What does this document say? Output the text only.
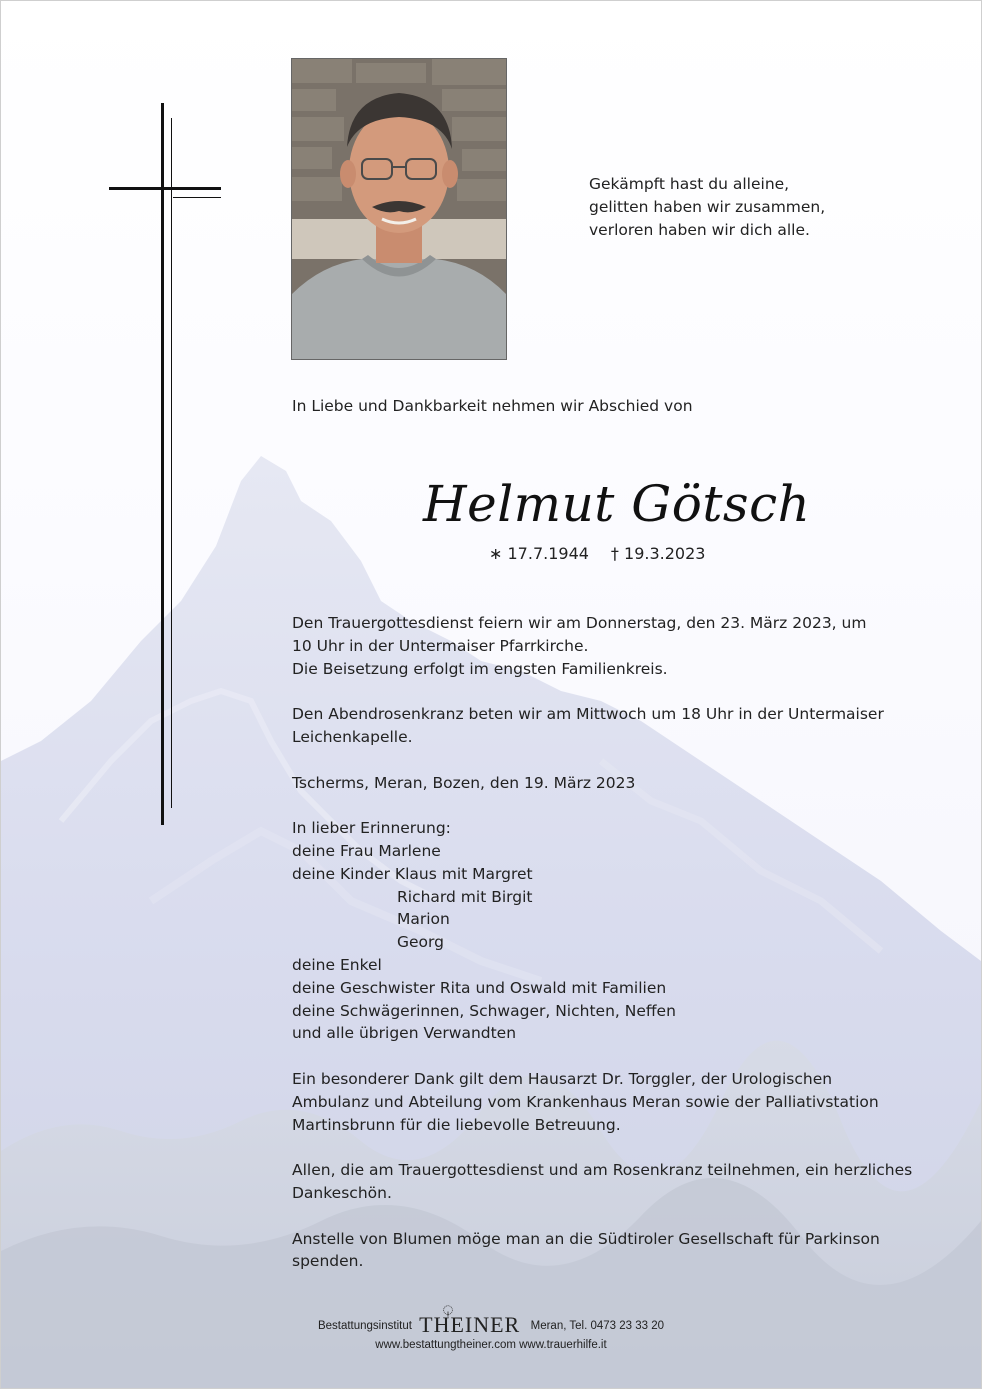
Gekämpft hast du alleine,
gelitten haben wir zusammen,
verloren haben wir dich alle.
In Liebe und Dankbarkeit nehmen wir Abschied von
Helmut Götsch
∗ 17.7.1944 † 19.3.2023

Den Trauergottesdienst feiern wir am Donnerstag, den 23. März 2023, um
10 Uhr in der Untermaiser Pfarrkirche.
Die Beisetzung erfolgt im engsten Familienkreis.

Den Abendrosenkranz beten wir am Mittwoch um 18 Uhr in der Untermaiser
Leichenkapelle.

Tscherms, Meran, Bozen, den 19. März 2023

In lieber Erinnerung:
deine Frau Marlene
deine Kinder Klaus mit Margret
Richard mit Birgit
Marion
Georg
deine Enkel
deine Geschwister Rita und Oswald mit Familien
deine Schwägerinnen, Schwager, Nichten, Neffen
und alle übrigen Verwandten

Ein besonderer Dank gilt dem Hausarzt Dr. Torggler, der Urologischen
Ambulanz und Abteilung vom Krankenhaus Meran sowie der Palliativstation
Martinsbrunn für die liebevolle Betreuung.

Allen, die am Trauergottesdienst und am Rosenkranz teilnehmen, ein herzliches
Dankeschön.

Anstelle von Blumen möge man an die Südtiroler Gesellschaft für Parkinson
spenden.

Bestattungsinstitut THEINER Meran, Tel. 0473 23 33 20
www.bestattungtheiner.com www.trauerhilfe.it
